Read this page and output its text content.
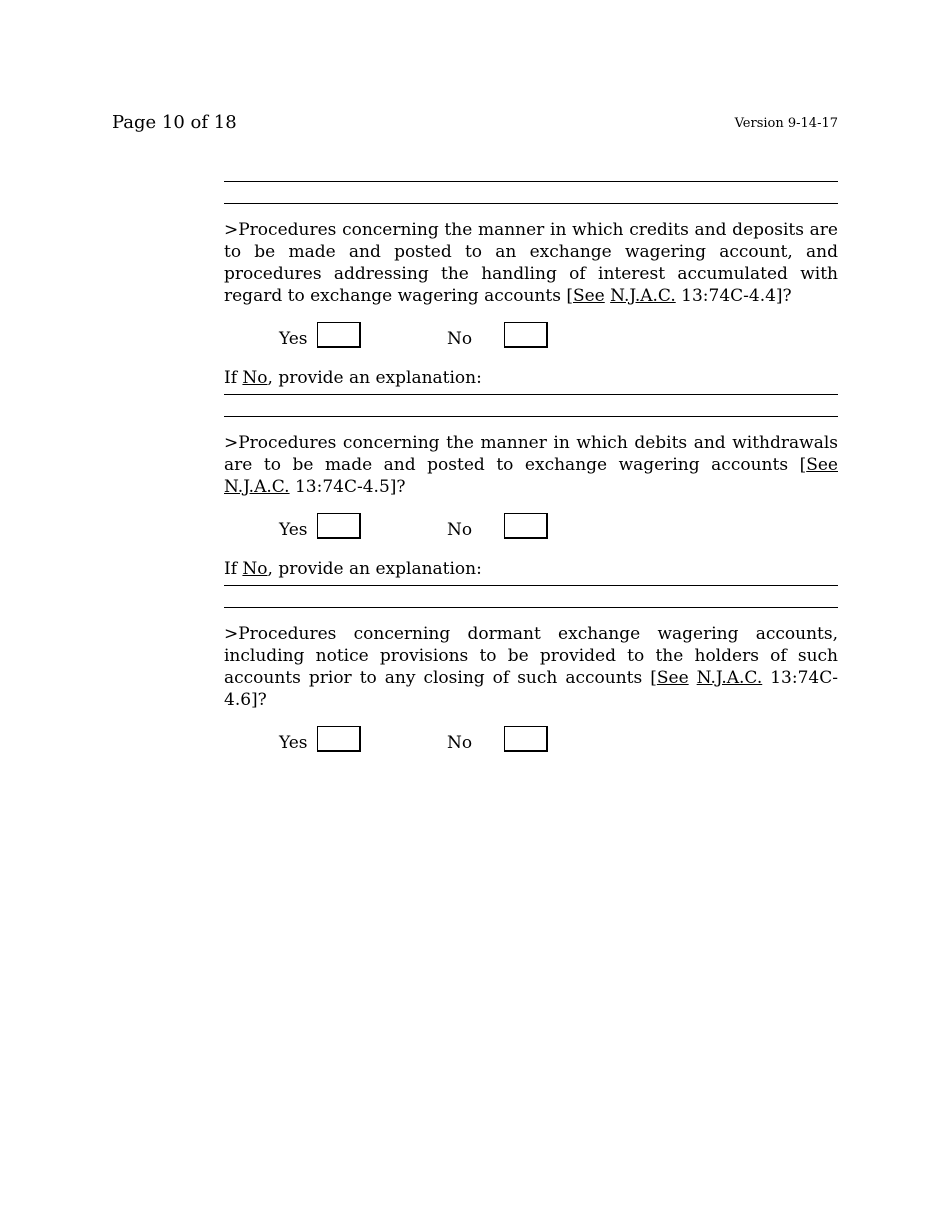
Page 10 of 18	Version 9-14-17

>Procedures concerning the manner in which credits and deposits are to be made and posted to an exchange wagering account, and procedures addressing the handling of interest accumulated with regard to exchange wagering accounts [See N.J.A.C. 13:74C-4.4]?

Yes	No

If No, provide an explanation:

>Procedures concerning the manner in which debits and withdrawals are to be made and posted to exchange wagering accounts [See N.J.A.C. 13:74C-4.5]?

Yes	No

If No, provide an explanation:

>Procedures concerning dormant exchange wagering accounts, including notice provisions to be provided to the holders of such accounts prior to any closing of such accounts [See N.J.A.C. 13:74C-4.6]?

Yes	No
